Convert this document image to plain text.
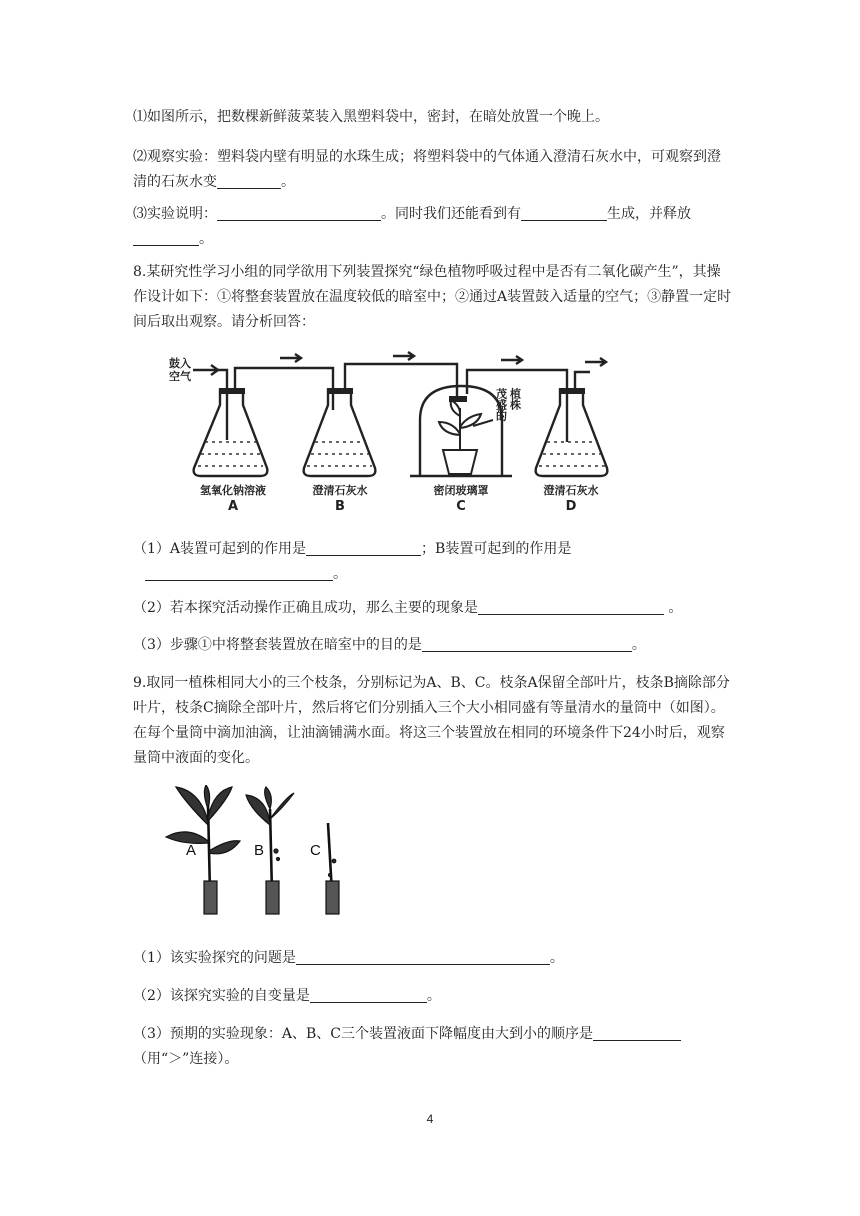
⑴如图所示，把数棵新鲜菠菜装入黑塑料袋中，密封，在暗处放置一个晚上。

⑵观察实验：塑料袋内壁有明显的水珠生成；将塑料袋中的气体通入澄清石灰水中，可观察到澄清的石灰水变	。

⑶实验说明：	。同时我们还能看到有	生成，并释放。

8.某研究性学习小组的同学欲用下列装置探究“绿色植物呼吸过程中是否有二氧化碳产生”，其操作设计如下：①将整套装置放在温度较低的暗室中；②通过A装置鼓入适量的空气；③静置一定时间后取出观察。请分析回答：

鼓入
空气
茂盛的 植株
氢氧化钠溶液	澄清石灰水	密闭玻璃罩	澄清石灰水
A	B	C	D

（1）A装置可起到的作用是	；B装置可起到的作用是
。

（2）若本探究活动操作正确且成功，那么主要的现象是	。

（3）步骤①中将整套装置放在暗室中的目的是	。

9.取同一植株相同大小的三个枝条，分别标记为A、B、C。枝条A保留全部叶片，枝条B摘除部分叶片，枝条C摘除全部叶片，然后将它们分别插入三个大小相同盛有等量清水的量筒中（如图）。在每个量筒中滴加油滴，让油滴铺满水面。将这三个装置放在相同的环境条件下24小时后，观察量筒中液面的变化。

A	B	C

（1）该实验探究的问题是	。

（2）该探究实验的自变量是	。

（3）预期的实验现象：A、B、C三个装置液面下降幅度由大到小的顺序是（用“＞”连接）。

4
